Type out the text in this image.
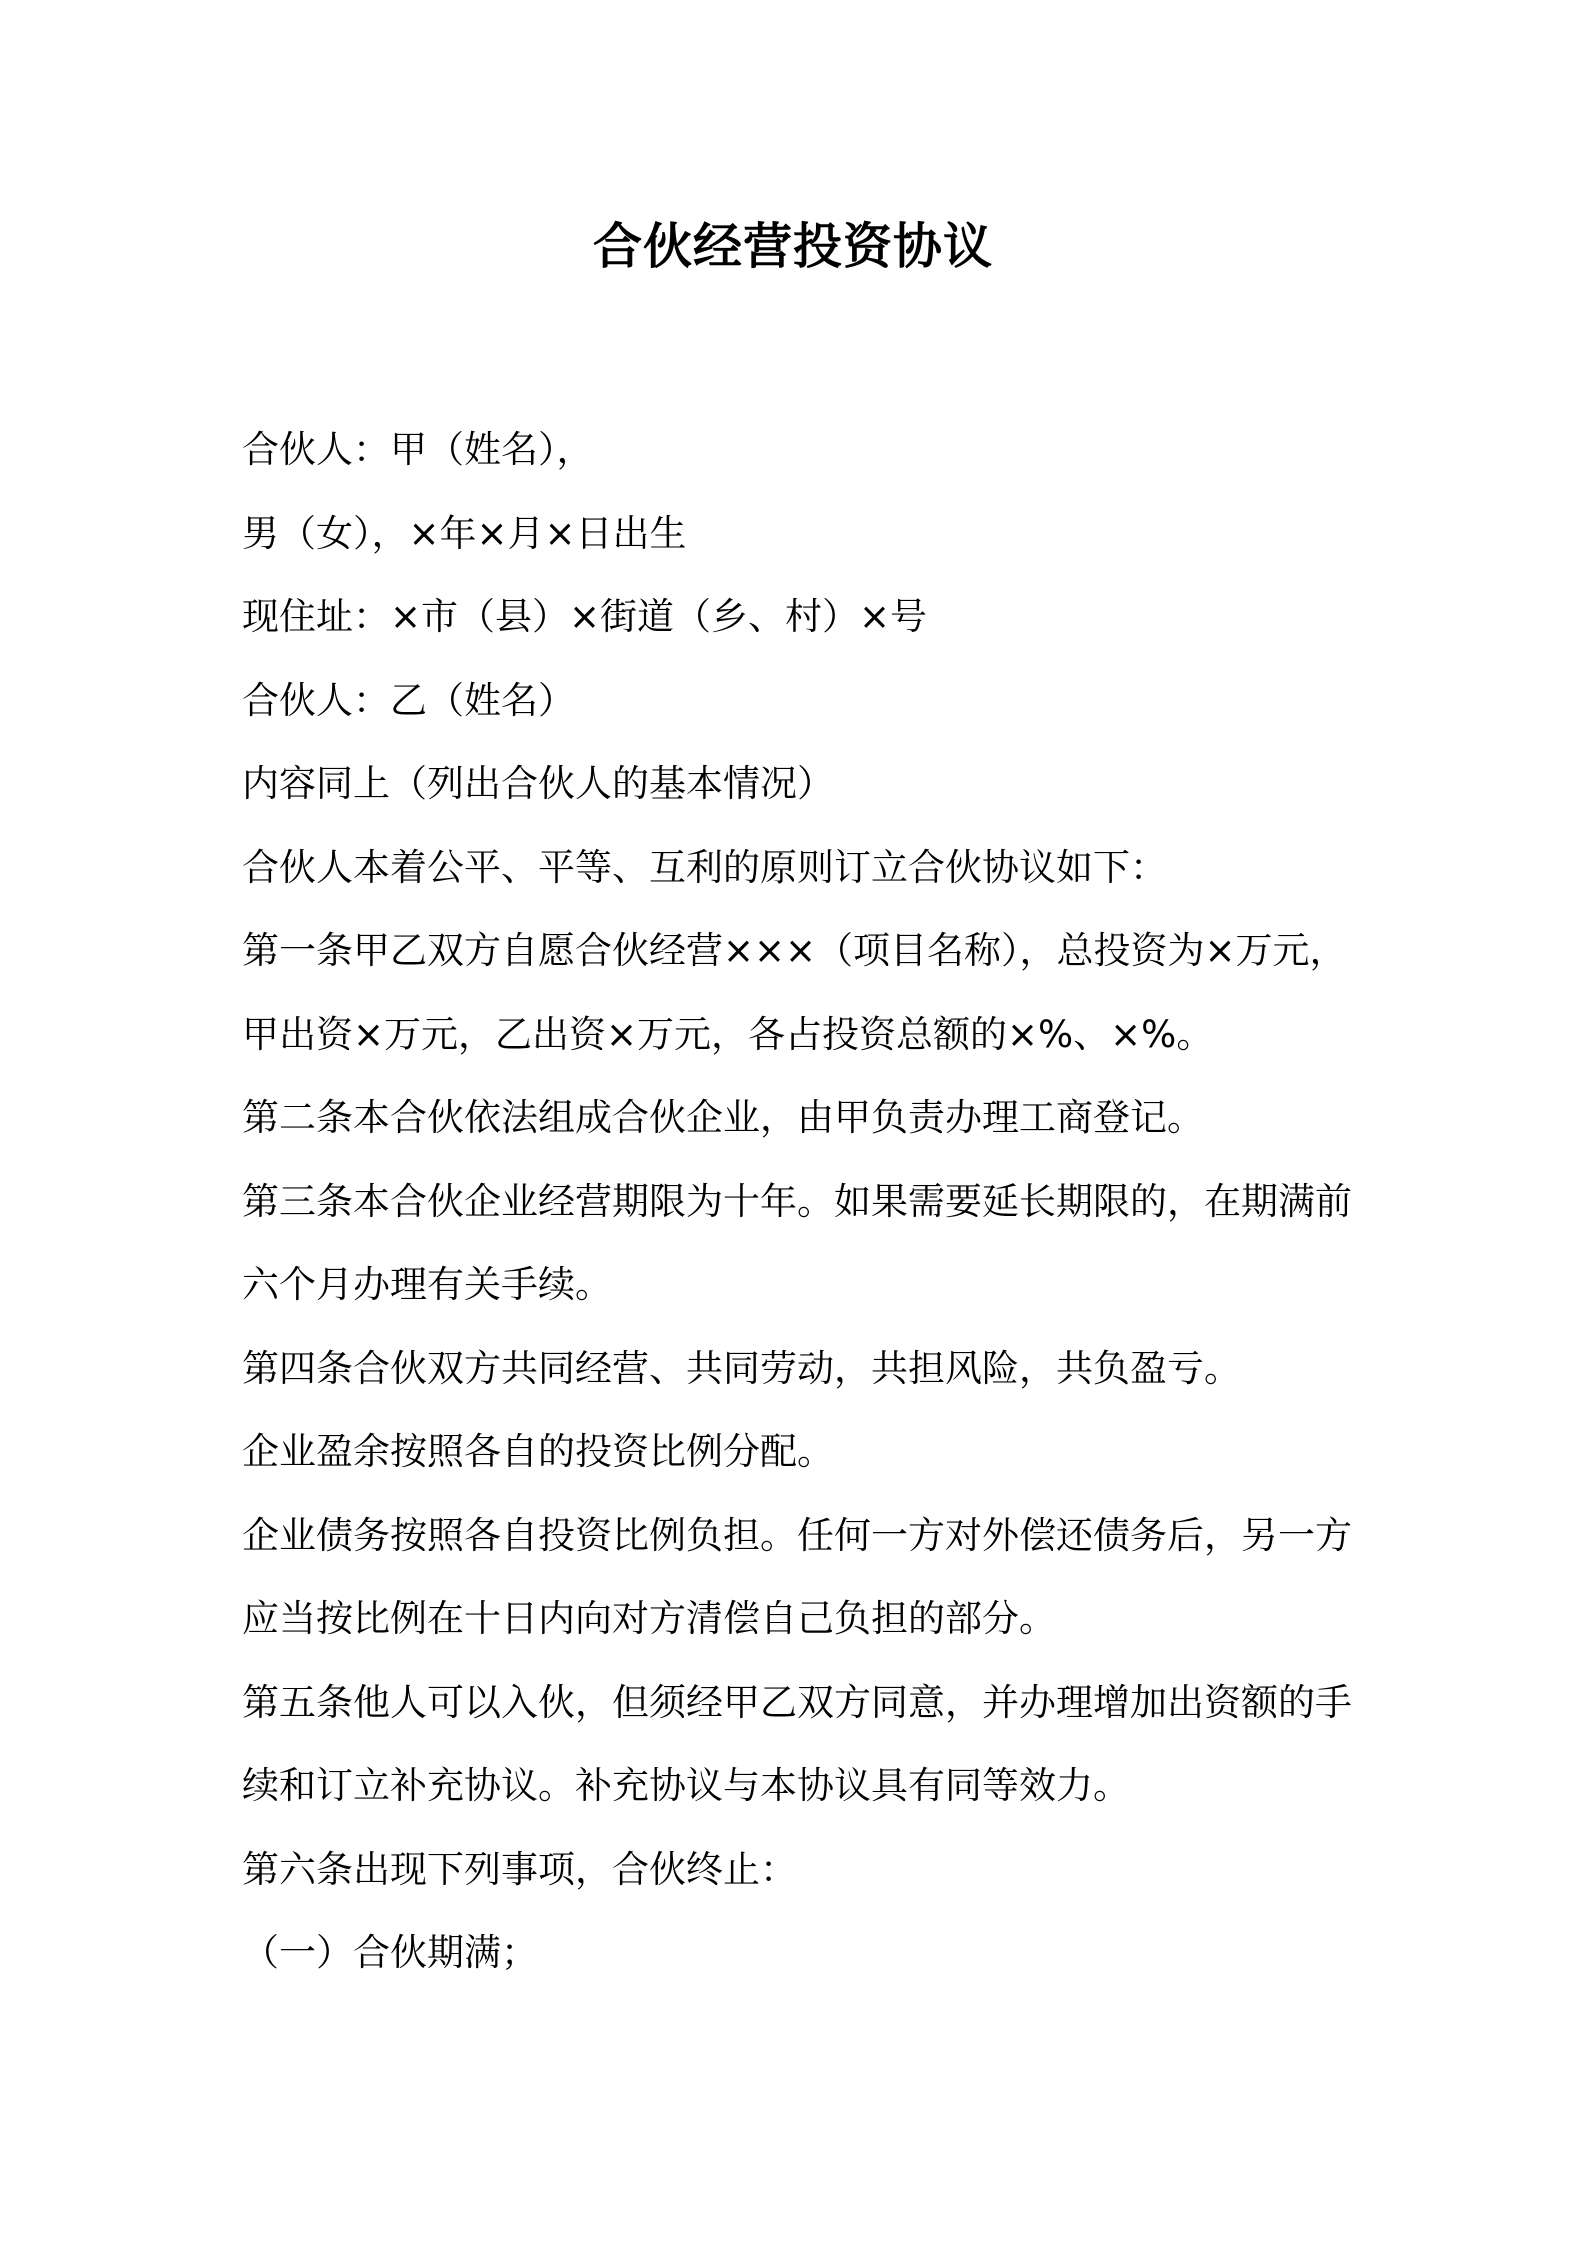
合伙经营投资协议
合伙人：甲（姓名），
男（女），×年×月×日出生
现住址：×市（县）×街道（乡、村）×号
合伙人：乙（姓名）
内容同上（列出合伙人的基本情况）
合伙人本着公平、平等、互利的原则订立合伙协议如下：
第一条甲乙双方自愿合伙经营×××（项目名称），总投资为×万元，
甲出资×万元，乙出资×万元，各占投资总额的×%、×%。
第二条本合伙依法组成合伙企业，由甲负责办理工商登记。
第三条本合伙企业经营期限为十年。如果需要延长期限的，在期满前
六个月办理有关手续。
第四条合伙双方共同经营、共同劳动，共担风险，共负盈亏。
企业盈余按照各自的投资比例分配。
企业债务按照各自投资比例负担。任何一方对外偿还债务后，另一方
应当按比例在十日内向对方清偿自己负担的部分。
第五条他人可以入伙，但须经甲乙双方同意，并办理增加出资额的手
续和订立补充协议。补充协议与本协议具有同等效力。
第六条出现下列事项，合伙终止：
（一）合伙期满；
